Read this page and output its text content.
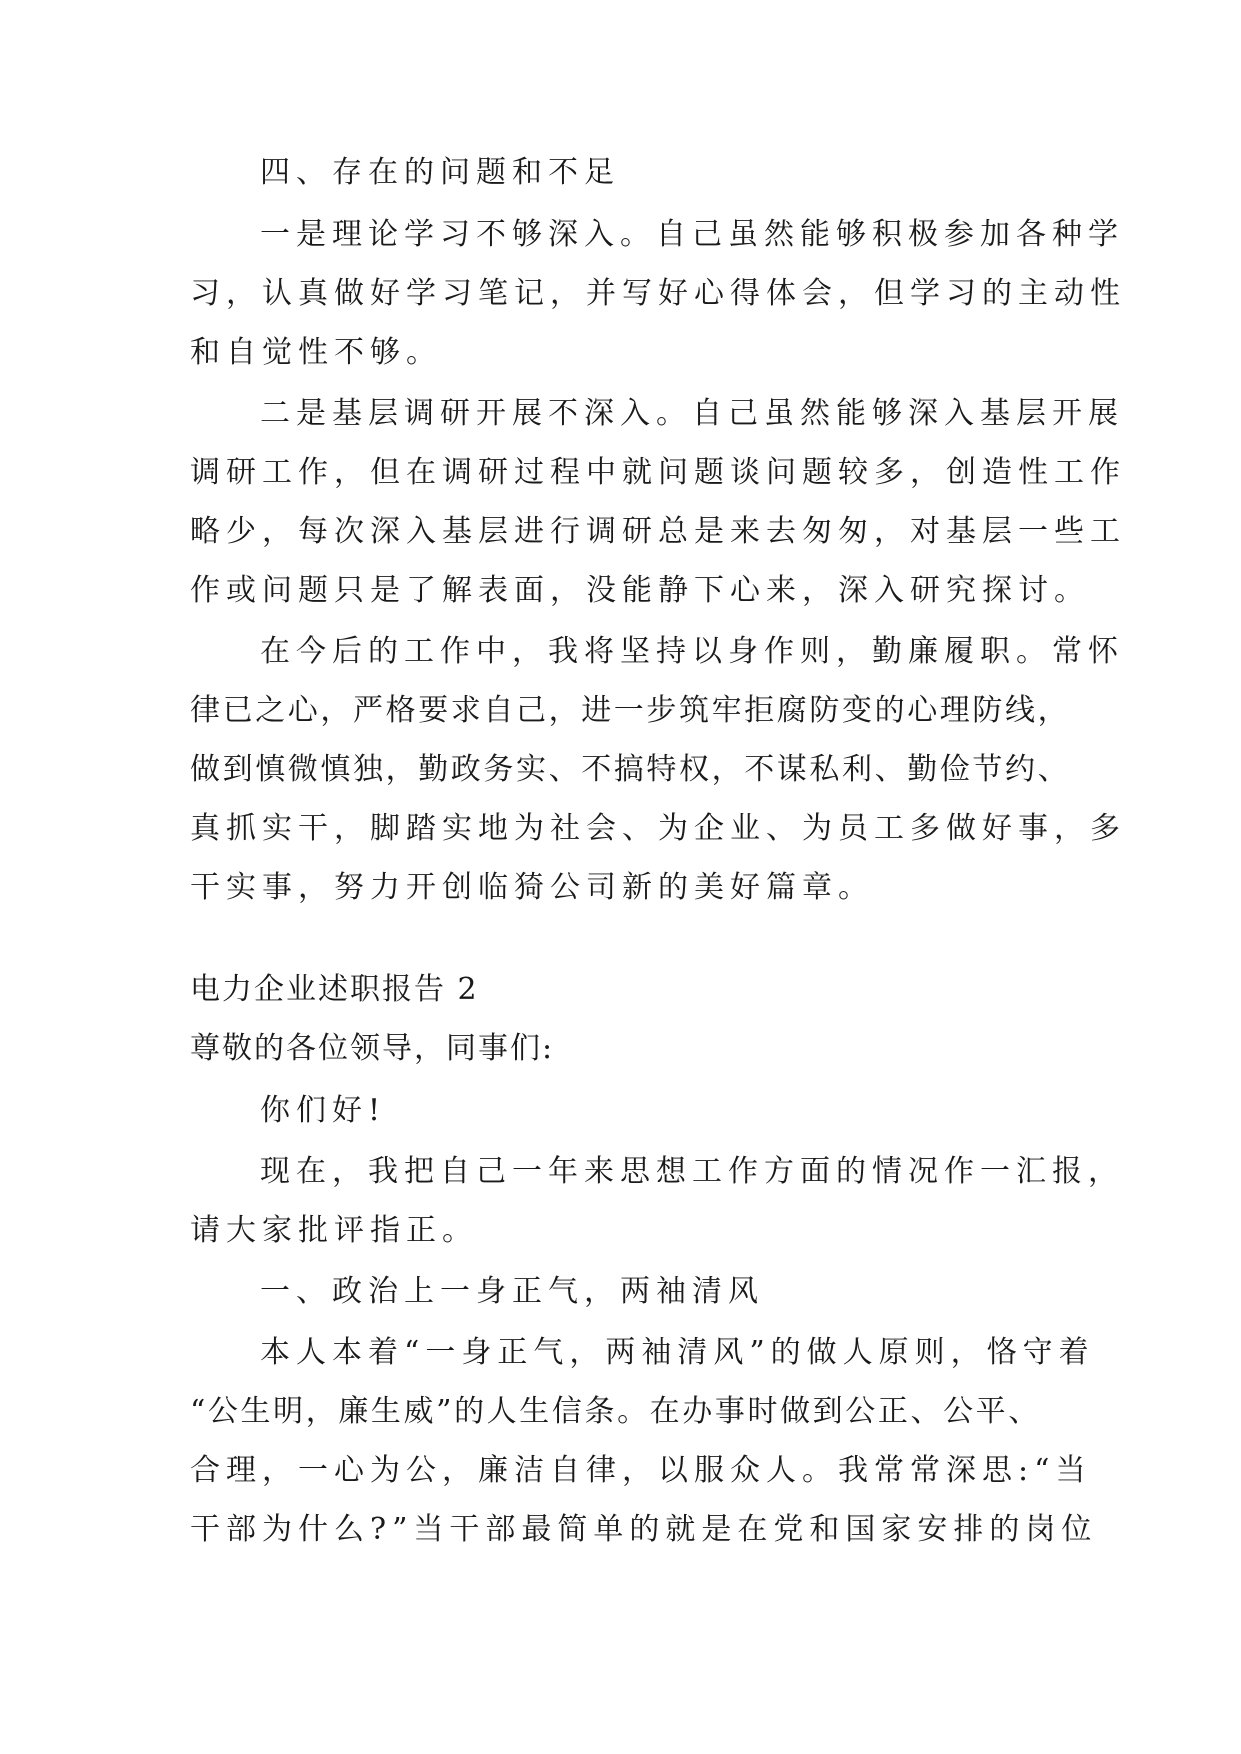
四、存在的问题和不足
一是理论学习不够深入。自己虽然能够积极参加各种学
习，认真做好学习笔记，并写好心得体会，但学习的主动性
和自觉性不够。
二是基层调研开展不深入。自己虽然能够深入基层开展
调研工作，但在调研过程中就问题谈问题较多，创造性工作
略少，每次深入基层进行调研总是来去匆匆，对基层一些工
作或问题只是了解表面，没能静下心来，深入研究探讨。
在今后的工作中，我将坚持以身作则，勤廉履职。常怀
律已之心，严格要求自己，进一步筑牢拒腐防变的心理防线，
做到慎微慎独，勤政务实、不搞特权，不谋私利、勤俭节约、
真抓实干，脚踏实地为社会、为企业、为员工多做好事，多
干实事，努力开创临猗公司新的美好篇章。
电力企业述职报告 2
尊敬的各位领导，同事们:
你们好!
现在，我把自己一年来思想工作方面的情况作一汇报，
请大家批评指正。
一、政治上一身正气，两袖清风
本人本着“一身正气，两袖清风”的做人原则，恪守着
“公生明，廉生威”的人生信条。在办事时做到公正、公平、
合理，一心为公，廉洁自律，以服众人。我常常深思:“当
干部为什么?”当干部最简单的就是在党和国家安排的岗位
